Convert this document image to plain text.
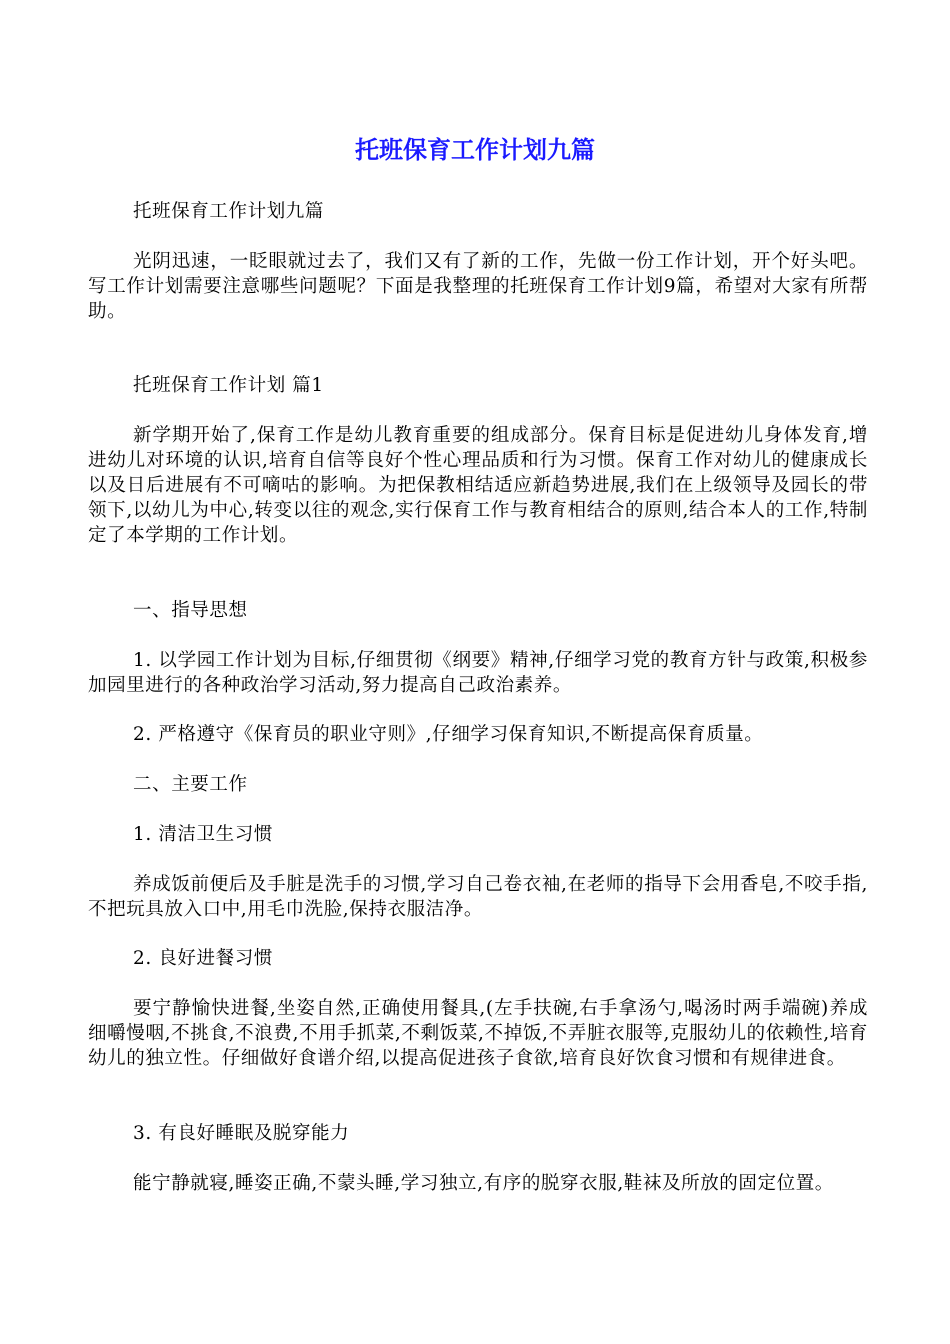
托班保育工作计划九篇

托班保育工作计划九篇

光阴迅速，一眨眼就过去了，我们又有了新的工作，先做一份工作计划，开个好头吧。写工作计划需要注意哪些问题呢？下面是我整理的托班保育工作计划9篇，希望对大家有所帮助。

托班保育工作计划 篇1

新学期开始了,保育工作是幼儿教育重要的组成部分。保育目标是促进幼儿身体发育,增进幼儿对环境的认识,培育自信等良好个性心理品质和行为习惯。保育工作对幼儿的健康成长以及日后进展有不可嘀咕的影响。为把保教相结适应新趋势进展,我们在上级领导及园长的带领下,以幼儿为中心,转变以往的观念,实行保育工作与教育相结合的原则,结合本人的工作,特制定了本学期的工作计划。

一、指导思想

1. 以学园工作计划为目标,仔细贯彻《纲要》精神,仔细学习党的教育方针与政策,积极参加园里进行的各种政治学习活动,努力提高自己政治素养。

2. 严格遵守《保育员的职业守则》,仔细学习保育知识,不断提高保育质量。

二、主要工作

1. 清洁卫生习惯

养成饭前便后及手脏是洗手的习惯,学习自己卷衣袖,在老师的指导下会用香皂,不咬手指,不把玩具放入口中,用毛巾洗脸,保持衣服洁净。

2. 良好进餐习惯

要宁静愉快进餐,坐姿自然,正确使用餐具,(左手扶碗,右手拿汤勺,喝汤时两手端碗)养成细嚼慢咽,不挑食,不浪费,不用手抓菜,不剩饭菜,不掉饭,不弄脏衣服等,克服幼儿的依赖性,培育幼儿的独立性。仔细做好食谱介绍,以提高促进孩子食欲,培育良好饮食习惯和有规律进食。

3. 有良好睡眠及脱穿能力

能宁静就寝,睡姿正确,不蒙头睡,学习独立,有序的脱穿衣服,鞋袜及所放的固定位置。
